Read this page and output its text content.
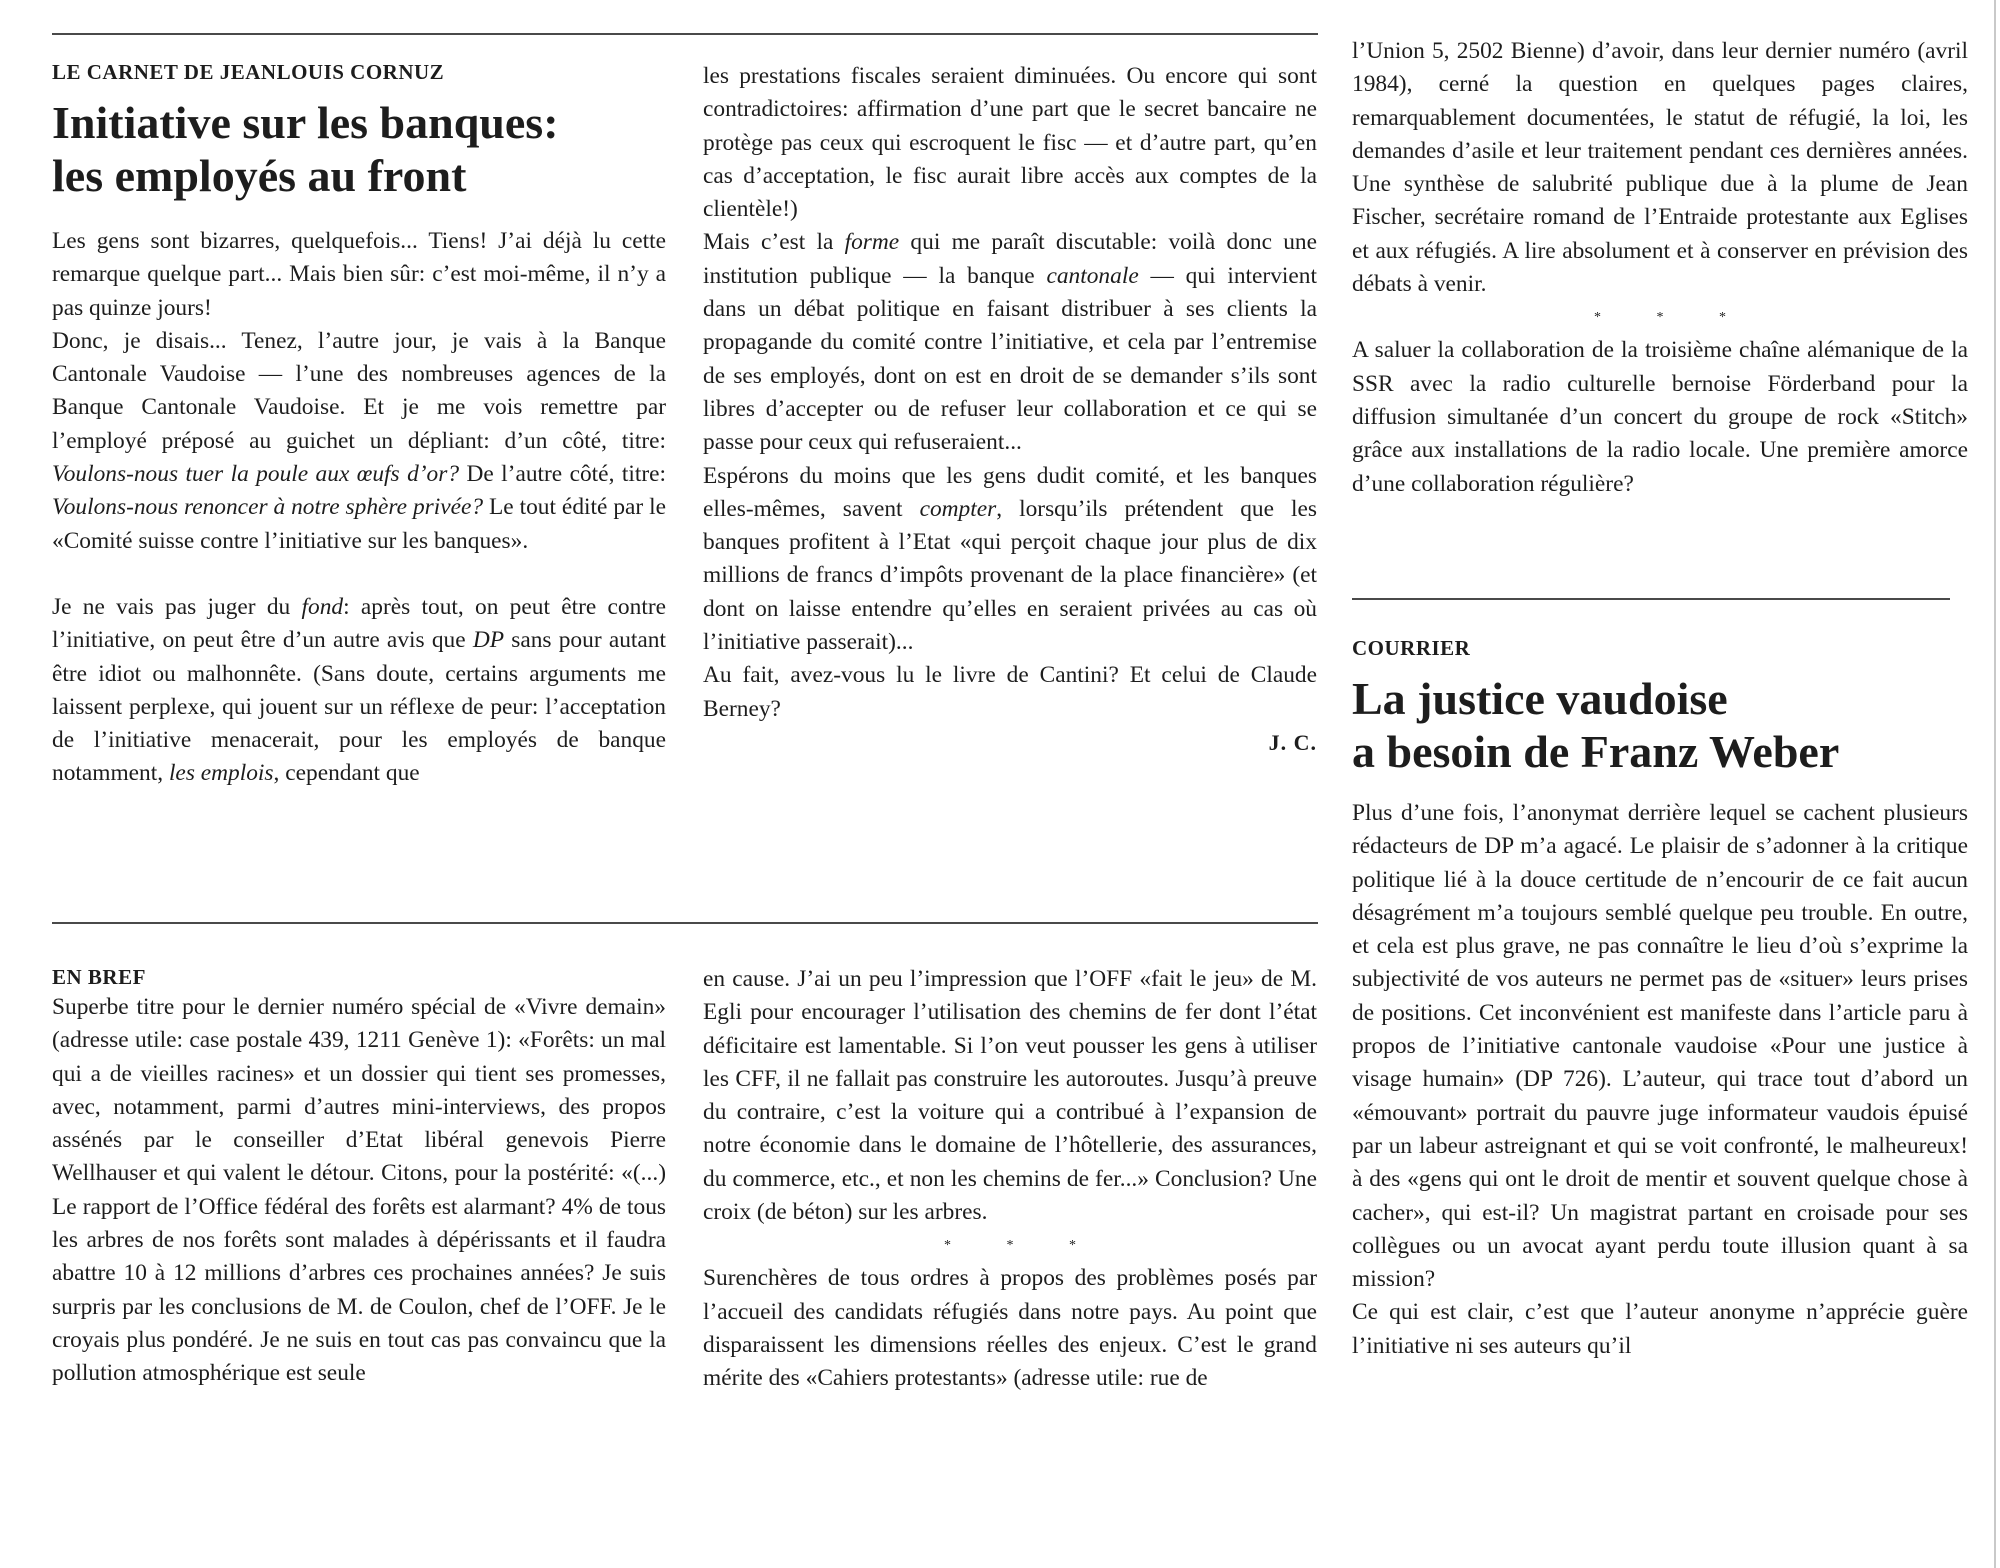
LE CARNET DE JEANLOUIS CORNUZ
Initiative sur les banques:
les employés au front

Les gens sont bizarres, quelquefois... Tiens! J’ai déjà lu cette remarque quelque part... Mais bien sûr: c’est moi-même, il n’y a pas quinze jours!

Donc, je disais... Tenez, l’autre jour, je vais à la Banque Cantonale Vaudoise — l’une des nombreuses agences de la Banque Cantonale Vaudoise. Et je me vois remettre par l’employé préposé au guichet un dépliant: d’un côté, titre: Voulons-nous tuer la poule aux œufs d’or? De l’autre côté, titre: Voulons-nous renoncer à notre sphère privée? Le tout édité par le «Comité suisse contre l’initiative sur les banques».

Je ne vais pas juger du fond: après tout, on peut être contre l’initiative, on peut être d’un autre avis que DP sans pour autant être idiot ou malhonnête. (Sans doute, certains arguments me laissent perplexe, qui jouent sur un réflexe de peur: l’acceptation de l’initiative menacerait, pour les employés de banque notamment, les emplois, cependant que

les prestations fiscales seraient diminuées. Ou encore qui sont contradictoires: affirmation d’une part que le secret bancaire ne protège pas ceux qui escroquent le fisc — et d’autre part, qu’en cas d’acceptation, le fisc aurait libre accès aux comptes de la clientèle!)

Mais c’est la forme qui me paraît discutable: voilà donc une institution publique — la banque cantonale — qui intervient dans un débat politique en faisant distribuer à ses clients la propagande du comité contre l’initiative, et cela par l’entremise de ses employés, dont on est en droit de se demander s’ils sont libres d’accepter ou de refuser leur collaboration et ce qui se passe pour ceux qui refuseraient...

Espérons du moins que les gens dudit comité, et les banques elles-mêmes, savent compter, lorsqu’ils prétendent que les banques profitent à l’Etat «qui perçoit chaque jour plus de dix millions de francs d’impôts provenant de la place financière» (et dont on laisse entendre qu’elles en seraient privées au cas où l’initiative passerait)...

Au fait, avez-vous lu le livre de Cantini? Et celui de Claude Berney?

J. C.

l’Union 5, 2502 Bienne) d’avoir, dans leur dernier numéro (avril 1984), cerné la question en quelques pages claires, remarquablement documentées, le statut de réfugié, la loi, les demandes d’asile et leur traitement pendant ces dernières années. Une synthèse de salubrité publique due à la plume de Jean Fischer, secrétaire romand de l’Entraide protestante aux Eglises et aux réfugiés. A lire absolument et à conserver en prévision des débats à venir.

* * *

A saluer la collaboration de la troisième chaîne alémanique de la SSR avec la radio culturelle bernoise Förderband pour la diffusion simultanée d’un concert du groupe de rock «Stitch» grâce aux installations de la radio locale. Une première amorce d’une collaboration régulière?

COURRIER
La justice vaudoise
a besoin de Franz Weber

Plus d’une fois, l’anonymat derrière lequel se cachent plusieurs rédacteurs de DP m’a agacé. Le plaisir de s’adonner à la critique politique lié à la douce certitude de n’encourir de ce fait aucun désagrément m’a toujours semblé quelque peu trouble. En outre, et cela est plus grave, ne pas connaître le lieu d’où s’exprime la subjectivité de vos auteurs ne permet pas de «situer» leurs prises de positions. Cet inconvénient est manifeste dans l’article paru à propos de l’initiative cantonale vaudoise «Pour une justice à visage humain» (DP 726). L’auteur, qui trace tout d’abord un «émouvant» portrait du pauvre juge informateur vaudois épuisé par un labeur astreignant et qui se voit confronté, le malheureux! à des «gens qui ont le droit de mentir et souvent quelque chose à cacher», qui est-il? Un magistrat partant en croisade pour ses collègues ou un avocat ayant perdu toute illusion quant à sa mission?

Ce qui est clair, c’est que l’auteur anonyme n’apprécie guère l’initiative ni ses auteurs qu’il

EN BREF

Superbe titre pour le dernier numéro spécial de «Vivre demain» (adresse utile: case postale 439, 1211 Genève 1): «Forêts: un mal qui a de vieilles racines» et un dossier qui tient ses promesses, avec, notamment, parmi d’autres mini-interviews, des propos assénés par le conseiller d’Etat libéral genevois Pierre Wellhauser et qui valent le détour. Citons, pour la postérité: «(...) Le rapport de l’Office fédéral des forêts est alarmant? 4% de tous les arbres de nos forêts sont malades à dépérissants et il faudra abattre 10 à 12 millions d’arbres ces prochaines années? Je suis surpris par les conclusions de M. de Coulon, chef de l’OFF. Je le croyais plus pondéré. Je ne suis en tout cas pas convaincu que la pollution atmosphérique est seule

en cause. J’ai un peu l’impression que l’OFF «fait le jeu» de M. Egli pour encourager l’utilisation des chemins de fer dont l’état déficitaire est lamentable. Si l’on veut pousser les gens à utiliser les CFF, il ne fallait pas construire les autoroutes. Jusqu’à preuve du contraire, c’est la voiture qui a contribué à l’expansion de notre économie dans le domaine de l’hôtellerie, des assurances, du commerce, etc., et non les chemins de fer...» Conclusion? Une croix (de béton) sur les arbres.

* * *

Surenchères de tous ordres à propos des problèmes posés par l’accueil des candidats réfugiés dans notre pays. Au point que disparaissent les dimensions réelles des enjeux. C’est le grand mérite des «Cahiers protestants» (adresse utile: rue de
